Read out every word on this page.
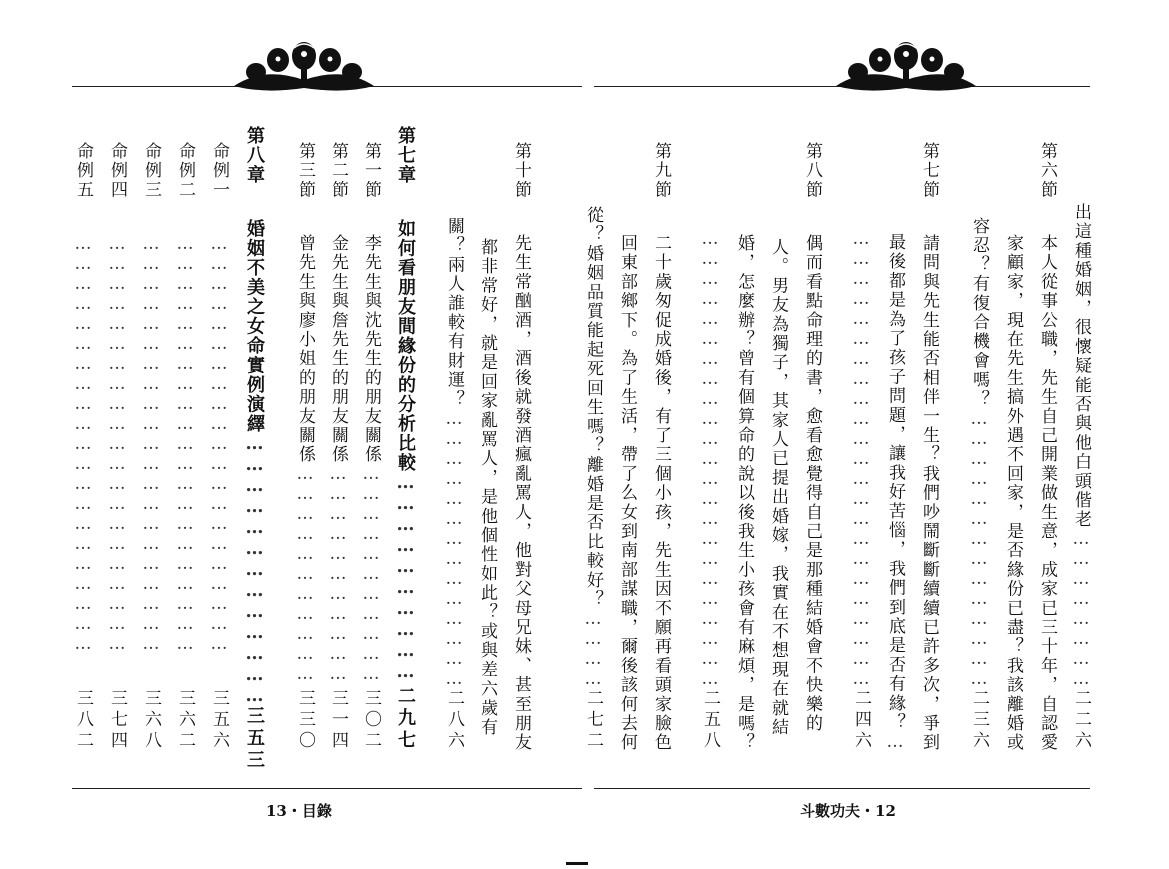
第十節
先生常酗酒，酒後就發酒瘋亂罵人，他對父母兄妹、甚至朋友
都非常好，就是回家亂罵人，是他個性如此？或與差六歲有
關？兩人誰較有財運？
……………………………………
二八六
第七章
如何看朋友間緣份的分析比較
…………………………
二九七
第一節
李先生與沈先生的朋友關係
……………………………
三〇二
第二節
金先生與詹先生的朋友關係
……………………………
三一四
第三節
曾先生與廖小姐的朋友關係
……………………………
三三〇
第八章
婚姻不美之女命實例演繹
…………………………………
三五三
命例一
………………………………………………………
三五六
命例二
………………………………………………………
三六二
命例三
………………………………………………………
三六八
命例四
………………………………………………………
三七四
命例五
………………………………………………………
三八二
13・目錄
出這種婚姻，很懷疑能否與他白頭偕老
……………………
二二六
第六節
本人從事公職，先生自己開業做生意，成家已三十年，自認愛
家顧家，現在先生搞外遇不回家，是否緣份已盡？我該離婚或
容忍？有復合機會嗎？
……………………………………
二三六
第七節
請問與先生能否相伴一生？我們吵鬧斷斷續續已許多次，爭到
最後都是為了孩子問題，讓我好苦惱，我們到底是否有緣？
…
……………………………………………………………
二四六
第八節
偶而看點命理的書，愈看愈覺得自己是那種結婚會不快樂的
人。男友為獨子，其家人已提出婚嫁，我實在不想現在就結
婚，怎麼辦？曾有個算命的說以後我生小孩會有麻煩，是嗎？
……………………………………………………………
二五八
第九節
二十歲匆促成婚後，有了三個小孩，先生因不願再看頭家臉色
回東部鄉下。為了生活，帶了么女到南部謀職，爾後該何去何
從？婚姻品質能起死回生嗎？離婚是否比較好？
…………
二七二
斗數功夫・12
